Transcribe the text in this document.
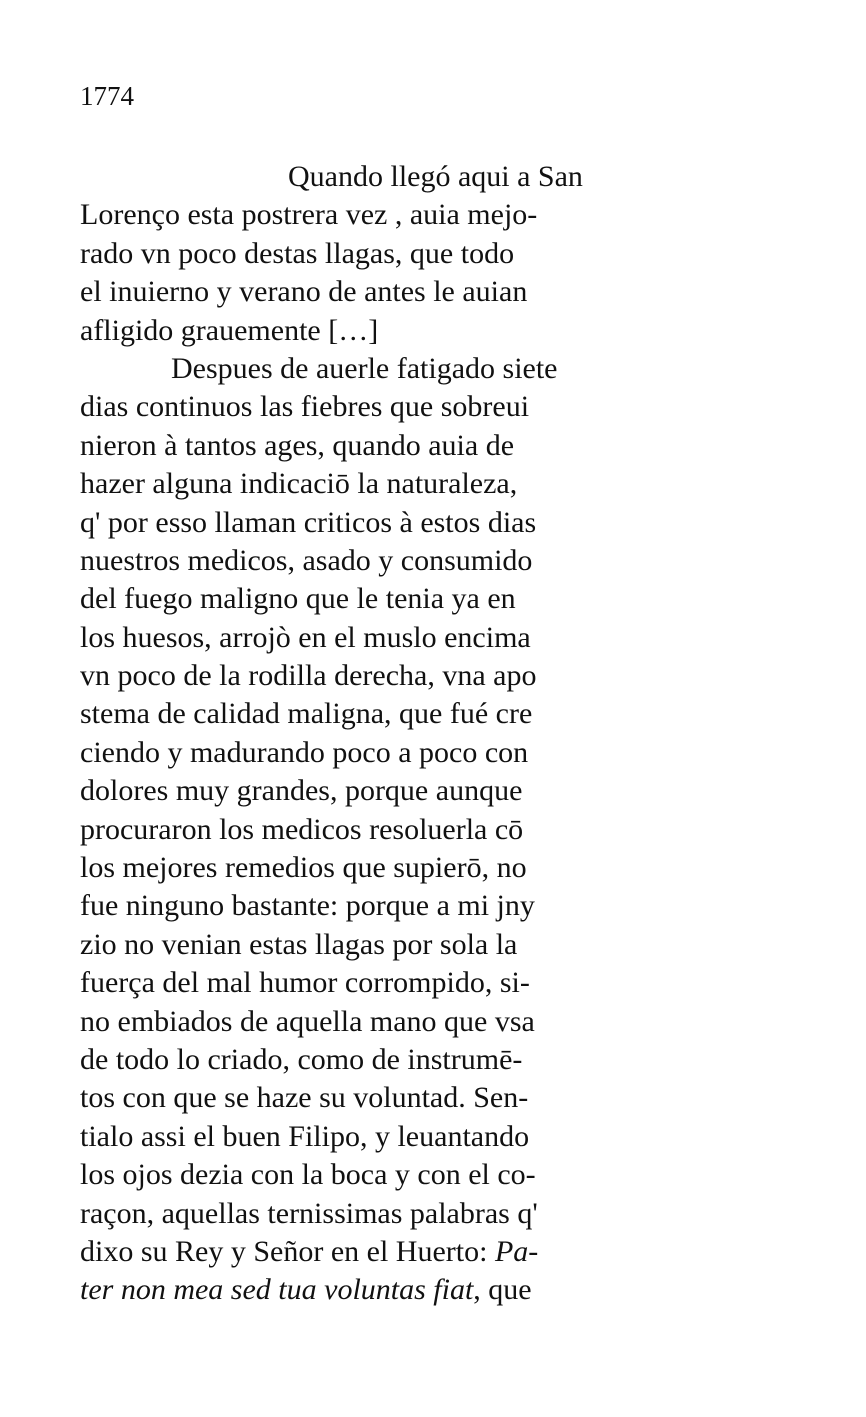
1774
Quando llegó aqui a San
Lorenço esta postrera vez , auia mejo-
rado vn poco destas llagas, que todo
el inuierno y verano de antes le auian
afligido grauemente […]
Despues de auerle fatigado siete
dias continuos las fiebres que sobreui
nieron à tantos ages, quando auia de
hazer alguna indicaciō la naturaleza,
q' por esso llaman criticos à estos dias
nuestros medicos, asado y consumido
del fuego maligno que le tenia ya en
los huesos, arrojò en el muslo encima
vn poco de la rodilla derecha, vna apo
stema de calidad maligna, que fué cre
ciendo y madurando poco a poco con
dolores muy grandes, porque aunque
procuraron los medicos resoluerla cō
los mejores remedios que supierō, no
fue ninguno bastante: porque a mi jny
zio no venian estas llagas por sola la
fuerça del mal humor corrompido, si-
no embiados de aquella mano que vsa
de todo lo criado, como de instrumē-
tos con que se haze su voluntad. Sen-
tialo assi el buen Filipo, y leuantando
los ojos dezia con la boca y con el co-
raçon, aquellas ternissimas palabras q'
dixo su Rey y Señor en el Huerto: Pa-
ter non mea sed tua voluntas fiat, que
